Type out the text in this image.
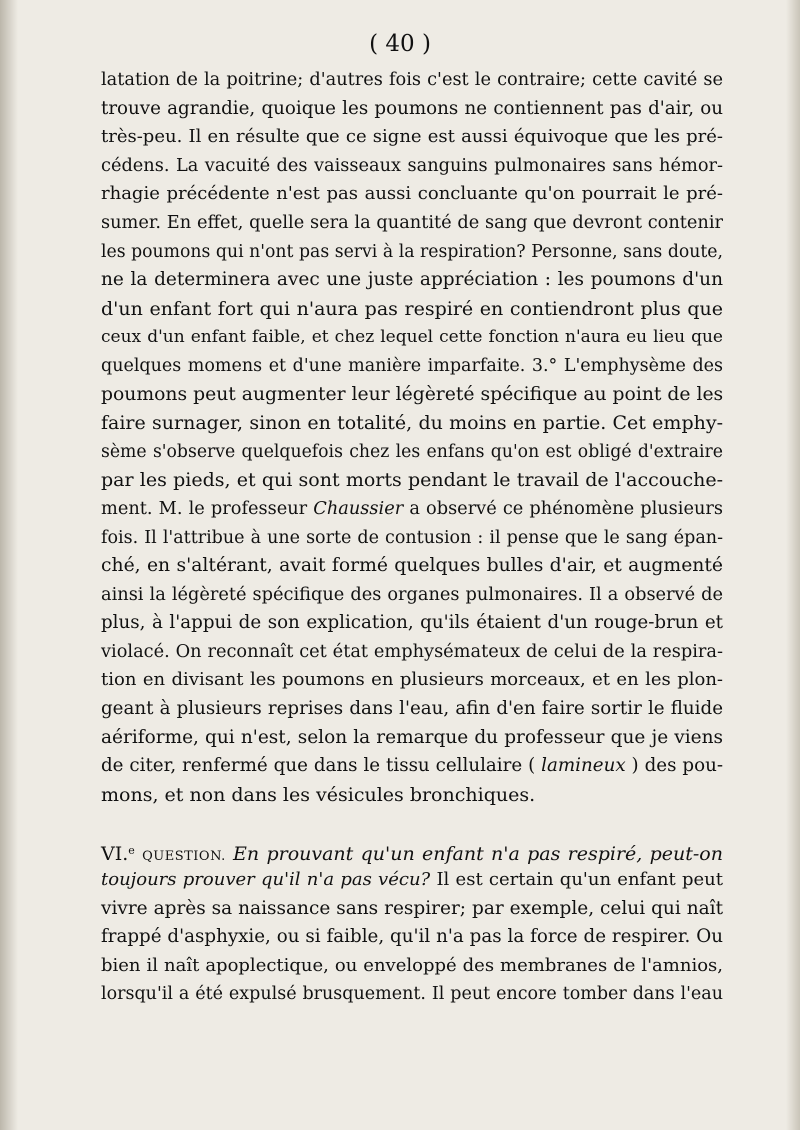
( 40 )
latation de la poitrine; d'autres fois c'est le contraire; cette cavité se
trouve agrandie, quoique les poumons ne contiennent pas d'air, ou
très-peu. Il en résulte que ce signe est aussi équivoque que les pré-
cédens. La vacuité des vaisseaux sanguins pulmonaires sans hémor-
rhagie précédente n'est pas aussi concluante qu'on pourrait le pré-
sumer. En effet, quelle sera la quantité de sang que devront contenir
les poumons qui n'ont pas servi à la respiration? Personne, sans doute,
ne la determinera avec une juste appréciation : les poumons d'un
d'un enfant fort qui n'aura pas respiré en contiendront plus que
ceux d'un enfant faible, et chez lequel cette fonction n'aura eu lieu que
quelques momens et d'une manière imparfaite. 3.° L'emphysème des
poumons peut augmenter leur légèreté spécifique au point de les
faire surnager, sinon en totalité, du moins en partie. Cet emphy-
sème s'observe quelquefois chez les enfans qu'on est obligé d'extraire
par les pieds, et qui sont morts pendant le travail de l'accouche-
ment. M. le professeur Chaussier a observé ce phénomène plusieurs
fois. Il l'attribue à une sorte de contusion : il pense que le sang épan-
ché, en s'altérant, avait formé quelques bulles d'air, et augmenté
ainsi la légèreté spécifique des organes pulmonaires. Il a observé de
plus, à l'appui de son explication, qu'ils étaient d'un rouge-brun et
violacé. On reconnaît cet état emphysémateux de celui de la respira-
tion en divisant les poumons en plusieurs morceaux, et en les plon-
geant à plusieurs reprises dans l'eau, afin d'en faire sortir le fluide
aériforme, qui n'est, selon la remarque du professeur que je viens
de citer, renfermé que dans le tissu cellulaire ( lamineux ) des pou-
mons, et non dans les vésicules bronchiques.
VI.$^e$ QUESTION. En prouvant qu'un enfant n'a pas respiré, peut-on
toujours prouver qu'il n'a pas vécu? Il est certain qu'un enfant peut
vivre après sa naissance sans respirer; par exemple, celui qui naît
frappé d'asphyxie, ou si faible, qu'il n'a pas la force de respirer. Ou
bien il naît apoplectique, ou enveloppé des membranes de l'amnios,
lorsqu'il a été expulsé brusquement. Il peut encore tomber dans l'eau
